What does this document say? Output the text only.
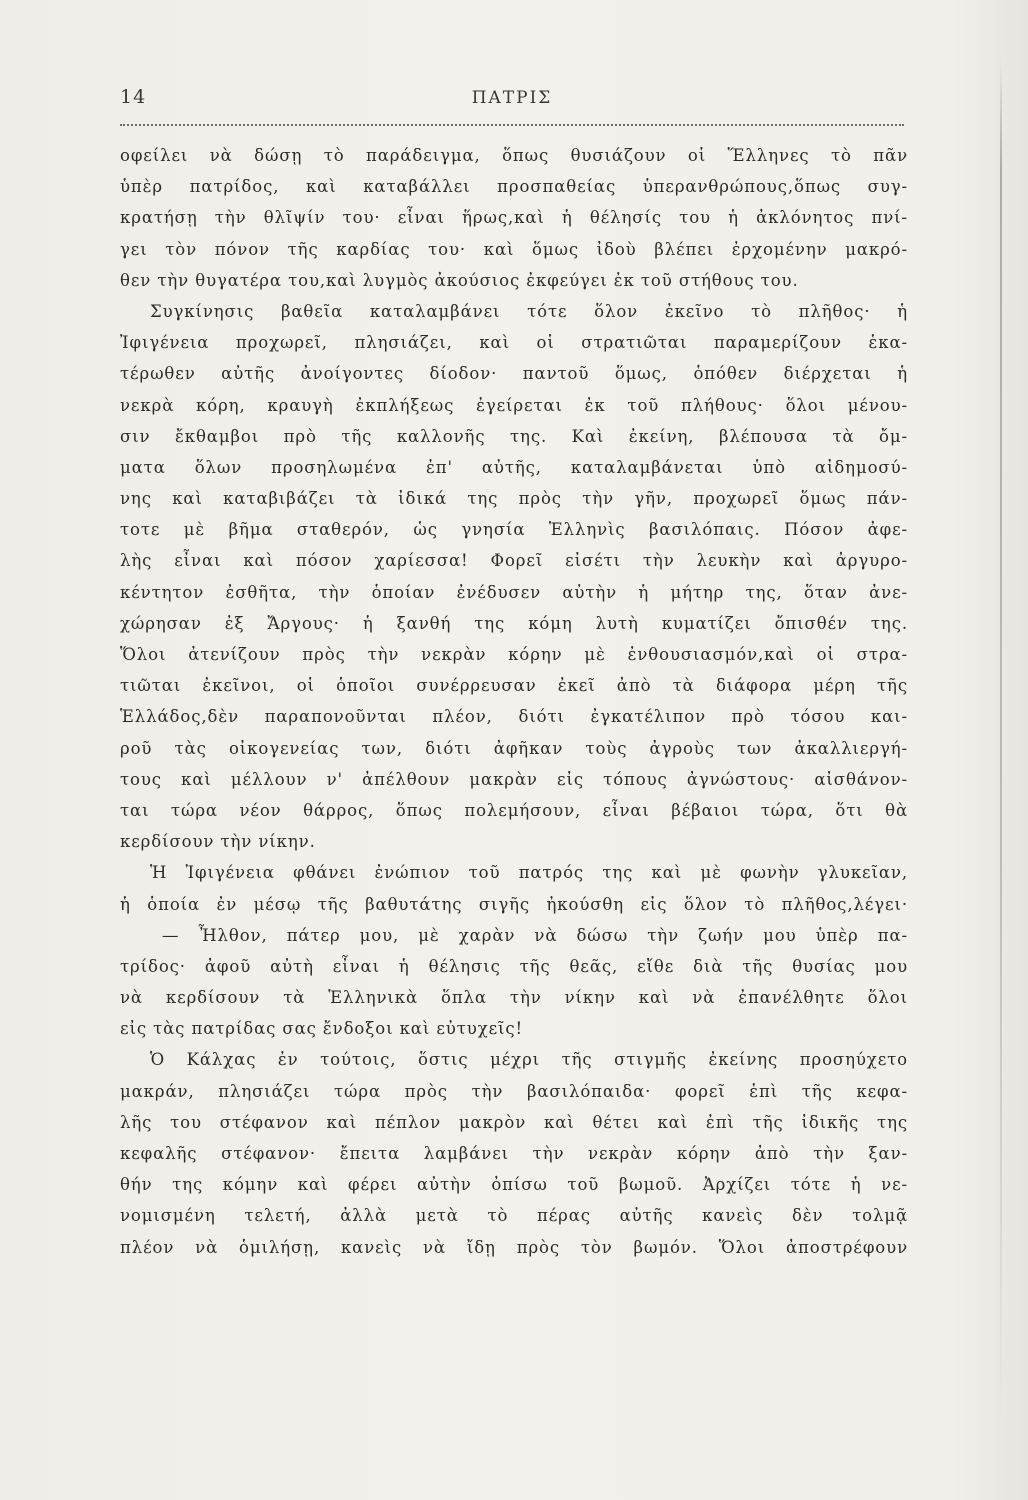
14	ΠΑΤΡΙΣ
οφείλει νὰ δώσῃ τὸ παράδειγμα, ὅπως θυσιάζουν οἱ Ἕλληνες τὸ πᾶν
ὑπὲρ πατρίδος, καὶ καταβάλλει προσπαθείας ὑπερανθρώπους,ὅπως συγ-
κρατήσῃ τὴν θλῖψίν του· εἶναι ἥρως,καὶ ἡ θέλησίς του ἡ ἀκλόνητος πνί-
γει τὸν πόνον τῆς καρδίας του· καὶ ὅμως ἰδοὺ βλέπει ἐρχομένην μακρό-
θεν τὴν θυγατέρα του,καὶ λυγμὸς ἀκούσιος ἐκφεύγει ἐκ τοῦ στήθους του.
Συγκίνησις βαθεῖα καταλαμβάνει τότε ὅλον ἐκεῖνο τὸ πλῆθος· ἡ
Ἰφιγένεια προχωρεῖ, πλησιάζει, καὶ οἱ στρατιῶται παραμερίζουν ἑκα-
τέρωθεν αὐτῆς ἀνοίγοντες δίοδον· παντοῦ ὅμως, ὁπόθεν διέρχεται ἡ
νεκρὰ κόρη, κραυγὴ ἐκπλήξεως ἐγείρεται ἐκ τοῦ πλήθους· ὅλοι μένου-
σιν ἔκθαμβοι πρὸ τῆς καλλονῆς της. Καὶ ἐκείνη, βλέπουσα τὰ ὄμ-
ματα ὅλων προσηλωμένα ἐπ' αὐτῆς, καταλαμβάνεται ὑπὸ αἰδημοσύ-
νης καὶ καταβιβάζει τὰ ἰδικά της πρὸς τὴν γῆν, προχωρεῖ ὅμως πάν-
τοτε μὲ βῆμα σταθερόν, ὡς γνησία Ἑλληνὶς βασιλόπαις. Πόσον ἀφε-
λὴς εἶναι καὶ πόσον χαρίεσσα! Φορεῖ εἰσέτι τὴν λευκὴν καὶ ἀργυρο-
κέντητον ἐσθῆτα, τὴν ὁποίαν ἐνέδυσεν αὐτὴν ἡ μήτηρ της, ὅταν ἀνε-
χώρησαν ἐξ Ἄργους· ἡ ξανθή της κόμη λυτὴ κυματίζει ὄπισθέν της.
Ὅλοι ἀτενίζουν πρὸς τὴν νεκρὰν κόρην μὲ ἐνθουσιασμόν,καὶ οἱ στρα-
τιῶται ἐκεῖνοι, οἱ ὁποῖοι συνέρρευσαν ἐκεῖ ἀπὸ τὰ διάφορα μέρη τῆς
Ἑλλάδος,δὲν παραπονοῦνται πλέον, διότι ἐγκατέλιπον πρὸ τόσου και-
ροῦ τὰς οἰκογενείας των, διότι ἀφῆκαν τοὺς ἀγροὺς των ἀκαλλιεργή-
τους καὶ μέλλουν ν' ἀπέλθουν μακρὰν εἰς τόπους ἀγνώστους· αἰσθάνον-
ται τώρα νέον θάρρος, ὅπως πολεμήσουν, εἶναι βέβαιοι τώρα, ὅτι θὰ
κερδίσουν τὴν νίκην.
Ἡ Ἰφιγένεια φθάνει ἐνώπιον τοῦ πατρός της καὶ μὲ φωνὴν γλυκεῖαν,
ἡ ὁποία ἐν μέσῳ τῆς βαθυτάτης σιγῆς ἠκούσθη εἰς ὅλον τὸ πλῆθος,λέγει·
— Ἦλθον, πάτερ μου, μὲ χαρὰν νὰ δώσω τὴν ζωήν μου ὑπὲρ πα-
τρίδος· ἀφοῦ αὐτὴ εἶναι ἡ θέλησις τῆς θεᾶς, εἴθε διὰ τῆς θυσίας μου
νὰ κερδίσουν τὰ Ἑλληνικὰ ὅπλα τὴν νίκην καὶ νὰ ἐπανέλθητε ὅλοι
εἰς τὰς πατρίδας σας ἔνδοξοι καὶ εὐτυχεῖς!
Ὁ Κάλχας ἐν τούτοις, ὅστις μέχρι τῆς στιγμῆς ἐκείνης προσηύχετο
μακράν, πλησιάζει τώρα πρὸς τὴν βασιλόπαιδα· φορεῖ ἐπὶ τῆς κεφα-
λῆς του στέφανον καὶ πέπλον μακρὸν καὶ θέτει καὶ ἐπὶ τῆς ἰδικῆς της
κεφαλῆς στέφανον· ἔπειτα λαμβάνει τὴν νεκρὰν κόρην ἀπὸ τὴν ξαν-
θήν της κόμην καὶ φέρει αὐτὴν ὀπίσω τοῦ βωμοῦ. Ἀρχίζει τότε ἡ νε-
νομισμένη τελετή, ἀλλὰ μετὰ τὸ πέρας αὐτῆς κανεὶς δὲν τολμᾷ
πλέον νὰ ὁμιλήσῃ, κανεὶς νὰ ἴδῃ πρὸς τὸν βωμόν. Ὅλοι ἀποστρέφουν
